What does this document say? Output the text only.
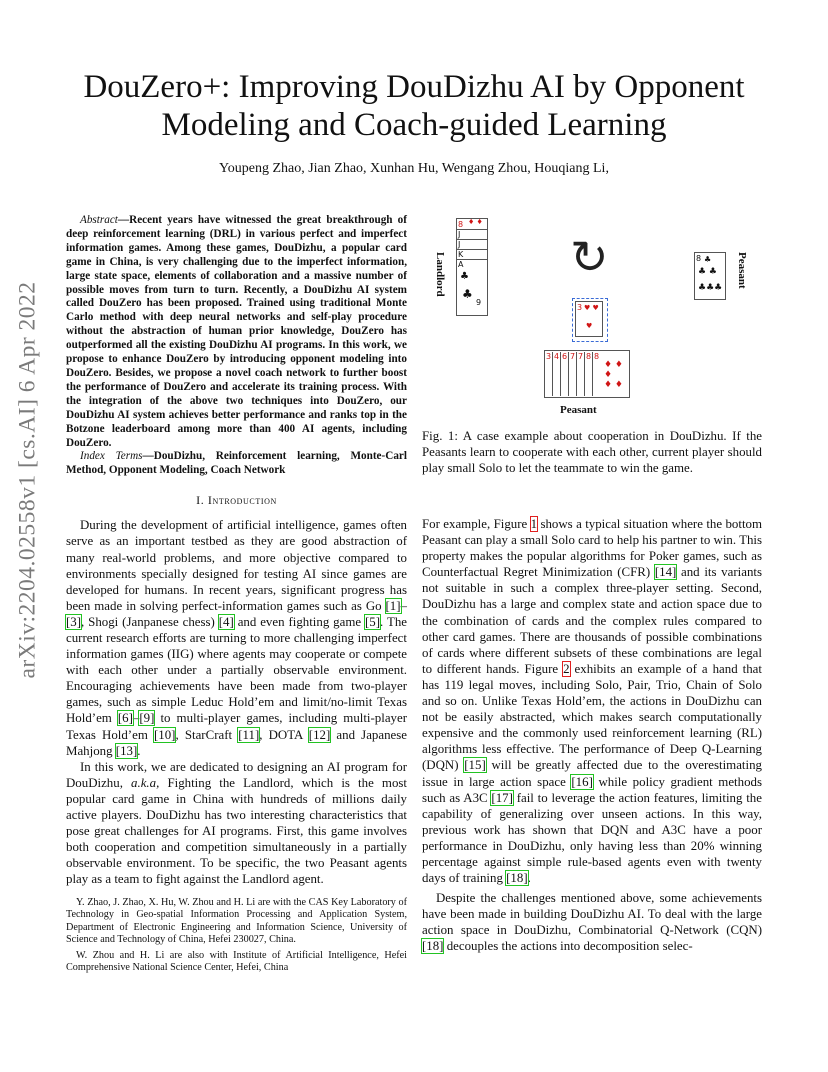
arXiv:2204.02558v1 [cs.AI] 6 Apr 2022
DouZero+: Improving DouDizhu AI by Opponent
Modeling and Coach-guided Learning
Youpeng Zhao, Jian Zhao, Xunhan Hu, Wengang Zhou, Houqiang Li,

Abstract—Recent years have witnessed the great breakthrough of deep reinforcement learning (DRL) in various perfect and imperfect information games. Among these games, DouDizhu, a popular card game in China, is very challenging due to the imperfect information, large state space, elements of collaboration and a massive number of possible moves from turn to turn. Recently, a DouDizhu AI system called DouZero has been proposed. Trained using traditional Monte Carlo method with deep neural networks and self-play procedure without the abstraction of human prior knowledge, DouZero has outperformed all the existing DouDizhu AI programs. In this work, we propose to enhance DouZero by introducing opponent modeling into DouZero. Besides, we propose a novel coach network to further boost the performance of DouZero and accelerate its training process. With the integration of the above two techniques into DouZero, our DouDizhu AI system achieves better performance and ranks top in the Botzone leaderboard among more than 400 AI agents, including DouZero.

Index Terms—DouDizhu, Reinforcement learning, Monte-Carl Method, Opponent Modeling, Coach Network

I. Introduction

During the development of artificial intelligence, games often serve as an important testbed as they are good abstraction of many real-world problems, and more objective compared to environments specially designed for testing AI since games are developed for humans. In recent years, significant progress has been made in solving perfect-information games such as Go [1]–[3], Shogi (Janpanese chess) [4] and even fighting game [5]. The current research efforts are turning to more challenging imperfect information games (IIG) where agents may cooperate or compete with each other under a partially observable environment. Encouraging achievements have been made from two-player games, such as simple Leduc Hold’em and limit/no-limit Texas Hold’em [6]–[9] to multi-player games, including multi-player Texas Hold’em [10], StarCraft [11], DOTA [12] and Japanese Mahjong [13].

In this work, we are dedicated to designing an AI program for DouDizhu, a.k.a, Fighting the Landlord, which is the most popular card game in China with hundreds of millions daily active players. DouDizhu has two interesting characteristics that pose great challenges for AI programs. First, this game involves both cooperation and competition simultaneously in a partially observable environment. To be specific, the two Peasant agents play as a team to fight against the Landlord agent.

Y. Zhao, J. Zhao, X. Hu, W. Zhou and H. Li are with the CAS Key Laboratory of Technology in Geo-spatial Information Processing and Application System, Department of Electronic Engineering and Information Science, University of Science and Technology of China, Hefei 230027, China.

W. Zhou and H. Li are also with Institute of Artificial Intelligence, Hefei Comprehensive National Science Center, Hefei, China

Landlord
8 ♦ ♦
J
J
K
A
♣
♣
9
↻
3 ♥ ♥
♥
8 ♣
♣ ♣
♣♣♣ Peasant
3 4 6 7 7 8 8
♦ ♦
♦
♦ ♦
Peasant
Fig. 1: A case example about cooperation in DouDizhu. If the Peasants learn to cooperate with each other, current player should play small Solo to let the teammate to win the game.

For example, Figure 1 shows a typical situation where the bottom Peasant can play a small Solo card to help his partner to win. This property makes the popular algorithms for Poker games, such as Counterfactual Regret Minimization (CFR) [14] and its variants not suitable in such a complex three-player setting. Second, DouDizhu has a large and complex state and action space due to the combination of cards and the complex rules compared to other card games. There are thousands of possible combinations of cards where different subsets of these combinations are legal to different hands. Figure 2 exhibits an example of a hand that has 119 legal moves, including Solo, Pair, Trio, Chain of Solo and so on. Unlike Texas Hold’em, the actions in DouDizhu can not be easily abstracted, which makes search computationally expensive and the commonly used reinforcement learning (RL) algorithms less effective. The performance of Deep Q-Learning (DQN) [15] will be greatly affected due to the overestimating issue in large action space [16] while policy gradient methods such as A3C [17] fail to leverage the action features, limiting the capability of generalizing over unseen actions. In this way, previous work has shown that DQN and A3C have a poor performance in DouDizhu, only having less than 20% winning percentage against simple rule-based agents even with twenty days of training [18].

Despite the challenges mentioned above, some achievements have been made in building DouDizhu AI. To deal with the large action space in DouDizhu, Combinatorial Q-Network (CQN) [18] decouples the actions into decomposition selec-
